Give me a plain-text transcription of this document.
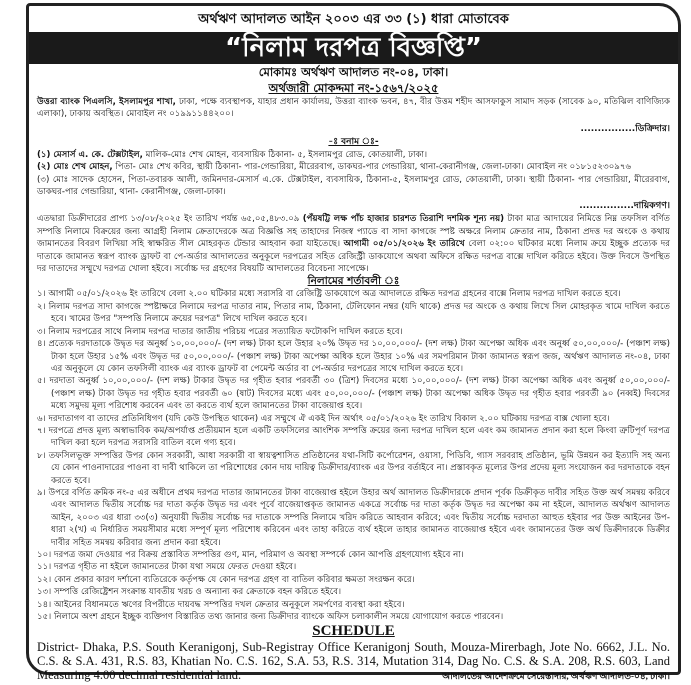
অর্থঋণ আদালত আইন ২০০৩ এর ৩৩ (১) ধারা মোতাবেক
“নিলাম দরপত্র বিজ্ঞপ্তি”
মোকামঃ অর্থঋণ আদালত নং-০৪, ঢাকা।
অর্থজারী মোকদ্দমা নং-১৫৬৭/২০২৫
উত্তরা ব্যাংক পিএলসি, ইসলামপুর শাখা, ঢাকা, পক্ষে ব্যবস্থাপক, যাহার প্রধান কার্যালয়, উত্তরা ব্যাংক ভবন, ৪৭, বীর উত্তম শহীদ আসফাকুস সামাদ সড়ক (সাবেক ৯০, মতিঝিল বাণিজ্যিক এলাকা), ঢাকায় অবস্থিত। মোবাইল নং ০১৯৯১১৪৪২০০।
................ডিক্রিদার।
-ঃ বনাম ঃ-
(১) মেসার্স এ. কে. টেক্সটাইল, মালিক-মোঃ শেখ মোহন, ব্যবসায়িক ঠিকানা- ৫, ইসলামপুর রোড, কোতয়ালী, ঢাকা।
(২) মোঃ শেখ মোহন, পিতা- মোঃ শেখ কবির, স্থায়ী ঠিকানা- পার-গেন্ডারিয়া, মীরেরবাগ, ডাকঘর-পার গেন্ডারিয়া, থানা-কেরানীগঞ্জ, জেলা-ঢাকা। মোবাইল নং ০১৮১৫২৩০৯৭৬
(৩) মোঃ সাদেক হোসেন, পিতা-তবারক আলী, জমিনদার-মেসার্স এ.কে. টেক্সটাইল, ব্যবসায়িক, ঠিকানা-৫, ইসলামপুর রোড, কোতয়ালী, ঢাকা। স্থায়ী ঠিকানা- পার গেন্ডারিয়া, মীরেরবাগ, ডাকঘর-পার গেন্ডারিয়া, থানা- কেরানীগঞ্জ, জেলা-ঢাকা।
................দায়িকগণ।
এতদ্বারা ডিক্রীদারের প্রাপ্য ১৩/০৮/২০২৫ ইং তারিখ পর্যন্ত ৬৫,০৫,৪৮৩.০৯ (পঁয়ষট্টি লক্ষ পাঁচ হাজার চারশত তিরাশি দশমিক শূন্য নয়) টাকা মাত্র আদায়ের নিমিত্তে নিম্ন তফসিল বর্ণিত সম্পত্তি নিলামে বিক্রয়ের জন্য আগ্রহী নিলাম ক্রেতাদেরকে অত্র বিজ্ঞপ্তি সহ তাহাদের নিজস্ব প্যাডে বা সাদা কাগজে স্পষ্ট অক্ষরে নিলাম ক্রেতার নাম, ঠিকানা প্রদত্ত দর অংকে ও কথায় জামানতের বিবরণ লিখিয়া সহি স্বাক্ষরিত সীল মোহরকৃত টেন্ডার আহবান করা যাইতেছে। আগামী ০৫/০১/২০২৬ ইং তারিখে বেলা ০২:০০ ঘটিকার মধ্যে নিলাম ক্রয়ে ইচ্ছুক প্রত্যেক দর দাতাকে জামানত স্বরূপ ব্যাংক ড্রাফট বা পে-অর্ডার আদালতের অনুকূলে দরপত্রের সহিত রেজিস্ট্রী ডাকযোগে অথবা অফিসে রক্ষিত দরপত্র বাক্সে দাখিল করিতে হইবে। উক্ত দিবসে উপস্থিত দর দাতাদের সম্মুখে দরপত্র খোলা হইবে। সর্বোচ্চ দর গ্রহণের বিষয়টি আদালতের বিবেচনা সাপেক্ষে।
নিলামের শর্তাবলী ঃ
১। আগামী ০৫/০১/২০২৬ ইং তারিখে বেলা ২.০০ ঘটিকার মধ্যে সরাসরি বা রেজিষ্ট্রি ডাকযোগে অত্র আদালতে রক্ষিত দরপত্র গ্রহনের বাক্সে নিলাম দরপত্র দাখিল করতে হবে।
২। নিলাম দরপত্র সাদা কাগজে স্পষ্টাক্ষরে নিলামে দরপত্র দাতার নাম, পিতার নাম, ঠিকানা, টেলিফোন নম্বর (যদি থাকে) প্রদত্ত দর অংকে ও কথায় লিখে সিল মোহরকৃত খামে দাখিল করতে হবে। খামের উপর "সম্পত্তি নিলামে ক্রয়ের দরপত্র" লিখে দাখিল করতে হবে।
৩। নিলাম দরপত্রের সাথে নিলাম দরপত্র দাতার জাতীয় পরিচয় পত্রের সত্যায়িত ফটোকপি দাখিল করতে হবে।
৪। প্রত্যেক দরদাতাকে উদ্বৃত দর অনুর্ধ্ব ১০,০০,০০০/- (দশ লক্ষ) টাকা হলে উহার ২০% উদ্বৃত দর ১০,০০,০০০/- (দশ লক্ষ) টাকা অপেক্ষা অধিক এবং অনুর্ধ্ব ৫০,০০,০০০/- (পঞ্চাশ লক্ষ) টাকা হলে উহার ১৫% এবং উদ্বৃত দর ৫০,০০,০০০/- (পঞ্চাশ লক্ষ) টাকা অপেক্ষা অধিক হলে উহার ১০% এর সমপরিমান টাকা জামানত স্বরূপ জজ, অর্থঋণ আদালত নং-০৪, ঢাকা এর অনুকূলে যে কোন তফসিলী ব্যাংক এর ব্যাংক ড্রাফট বা পেমেন্ট অর্ডার বা পে-অর্ডার দরপত্রের সাথে দাখিল করতে হবে।
৫। দরদাতা অনুর্ধ্ব ১০,০০,০০০/- (দশ লক্ষ) টাকার উদ্বৃত দর গৃহীত হবার পরবর্তী ৩০ (ত্রিশ) দিবসের মধ্যে ১০,০০,০০০/- (দশ লক্ষ) টাকা অপেক্ষা অধিক এবং অনুর্ধ্ব ৫০,০০,০০০/- (পঞ্চাশ লক্ষ) টাকা উদ্বৃত দর গৃহীত হবার পরবর্তী ৬০ (ষাট) দিবসের মধ্যে এবং ৫০,০০,০০০/- (পঞ্চাশ লক্ষ) টাকা অপেক্ষা অধিক উদ্বৃত দর গৃহীত হবার পরবর্তী ৯০ (নব্বই) দিবসের মধ্যে সমুদয় মূল্য পরিশোধ করবেন এবং তা করতে ব্যর্থ হলে জামানতের টাকা বাজেয়াপ্ত হবে।
৬। দরদাতাগণ বা তাদের প্রতিনিধিগণ (যদি কেউ উপস্থিত থাকেন) এর সম্মুখে ঐ একই দিন অর্থাৎ ০৫/০১/২০২৬ ইং তারিখ বিকাল ২.০০ ঘটিকায় দরপত্র বাক্স খোলা হবে।
৭। দরপত্রে প্রদত্ত মূল্য অস্বাভাবিক কম/অপর্যাপ্ত প্রতীয়মান হলে একটি তফসিলের আংশিক সম্পত্তি ক্রয়ের জন্য দরপত্র দাখিল হলে এবং কম জামানত প্রদান করা হলে কিংবা ত্রুটিপূর্ণ দরপত্র দাখিল করা হলে দরপত্র সরাসরি বাতিল বলে গণ্য হবে।
৮। তফসিলভূক্ত সম্পত্তির উপর কোন সরকারী, আধা সরকারী বা স্বায়ত্বশাসিত প্রতিষ্ঠানের যথা-সিটি কর্পোরেশন, ওয়াসা, পিডিবি, গ্যাস সরবরাহ প্রতিষ্ঠান, ভূমি উন্নয়ন কর ইত্যাদি সহ অন্য যে কোন পাওনাদারের পাওনা বা দাবী থাকিলে তা পরিশোধের কোন দায় দায়িত্ব ডিক্রীদার/ব্যাংক এর উপর বর্তাইবে না। প্রস্তাবকৃত মূল্যের উপর প্রদেয় মূল্য সংযোজন কর দরদাতাকে বহন করতে হবে।
৯। উপরে বর্ণিত ক্রমিক নং-৫ এর অধীনে প্রথম দরপত্র দাতার জামানতের টাকা বাজেয়াপ্ত হইলে উহার অর্থ আদালত ডিক্রীদারকে প্রদান পূর্বক ডিক্রীকৃত দাবীর সহিত উক্ত অর্থ সমন্বয় করিবে এবং আদালত দ্বিতীয় সর্বোচ্চ দর দাতা কর্তৃক উদ্বৃত দর এবং পূর্বে বাজেয়াপ্তকৃত জামানত একত্রে সর্বোচ্চ দর দাতা কর্তৃক উদ্বৃত দর অপেক্ষা কম না হইলে, আদালত অর্থঋণ আদালত আইন, ২০০৩ এর ধারা ৩৩(৩) অনুযায়ী দ্বিতীয় সর্বোচ্চ দর দাতাকে সম্পত্তি নিলামে খরিদ করিতে আহবান করিবে; এবং দ্বিতীয় সর্বোচ্চ দরদাতা আহুত হইবার পর উক্ত আইনের উপ-ধারা ২(খ) এ নির্ধারিত সময়সীমার মধ্যে সম্পূর্ণ মূল্য পরিশোধ করিবেন এবং তাহা করিতে ব্যর্থ হইলে তাহার জামানত বাজেয়াপ্ত হইবে এবং জামানতের উক্ত অর্থ ডিক্রীদারকে ডিক্রীর দাবীর সহিত সমন্বয় করিবার জন্য প্রদান করা হইবে।
১০। দরপত্র জমা দেওয়ার পর বিক্রয় প্রস্তাবিত সম্পত্তির গুণ, মান, পরিমাণ ও অবস্থা সম্পর্কে কোন আপত্তি গ্রহণযোগ্য হইবে না।
১১। দরপত্র গৃহীত না হইলে জামানতের টাকা যথা সময়ে ফেরত দেওয়া হইবে।
১২। কোন প্রকার কারণ দর্শানো ব্যতিরেকে কর্তৃপক্ষ যে কোন দরপত্র গ্রহণ বা বাতিল করিবার ক্ষমতা সংরক্ষন করে।
১৩। সম্পত্তি রেজিষ্ট্রেশন সংক্রান্ত যাবতীয় খরচ ও অন্যান্য কর ক্রেতাকে বহন করিতে হইবে।
১৪। আইনের বিধানমতে ঋণের বিপরীতে দায়বদ্ধ সম্পত্তির দখল ক্রেতার অনুকূলে সমর্পণের ব্যবস্থা করা হইবে।
১৫। নিলামে অংশ গ্রহনে ইচ্ছুক ব্যক্তিগণ বিস্তারিত তথ্য জানার জন্য ডিক্রীদার ব্যাংকে অফিস চলাকালীন সময়ে যোগাযোগ করতে পারবেন।
SCHEDULE
District- Dhaka, P.S. South Keranigonj, Sub-Registray Office Keranigonj South, Mouza-Mirerbagh, Jote No. 6662, J.L. No. C.S. & S.A. 431, R.S. 83, Khatian No. C.S. 162, S.A. 53, R.S. 314, Mutation 314, Dag No. C.S. & S.A. 208, R.S. 603, Land Measuring 4.00 decimal residential land.	আদালতের আদেশক্রমে সেরেস্তাদার, অর্থঋণ আদালত-০৪, ঢাকা।
